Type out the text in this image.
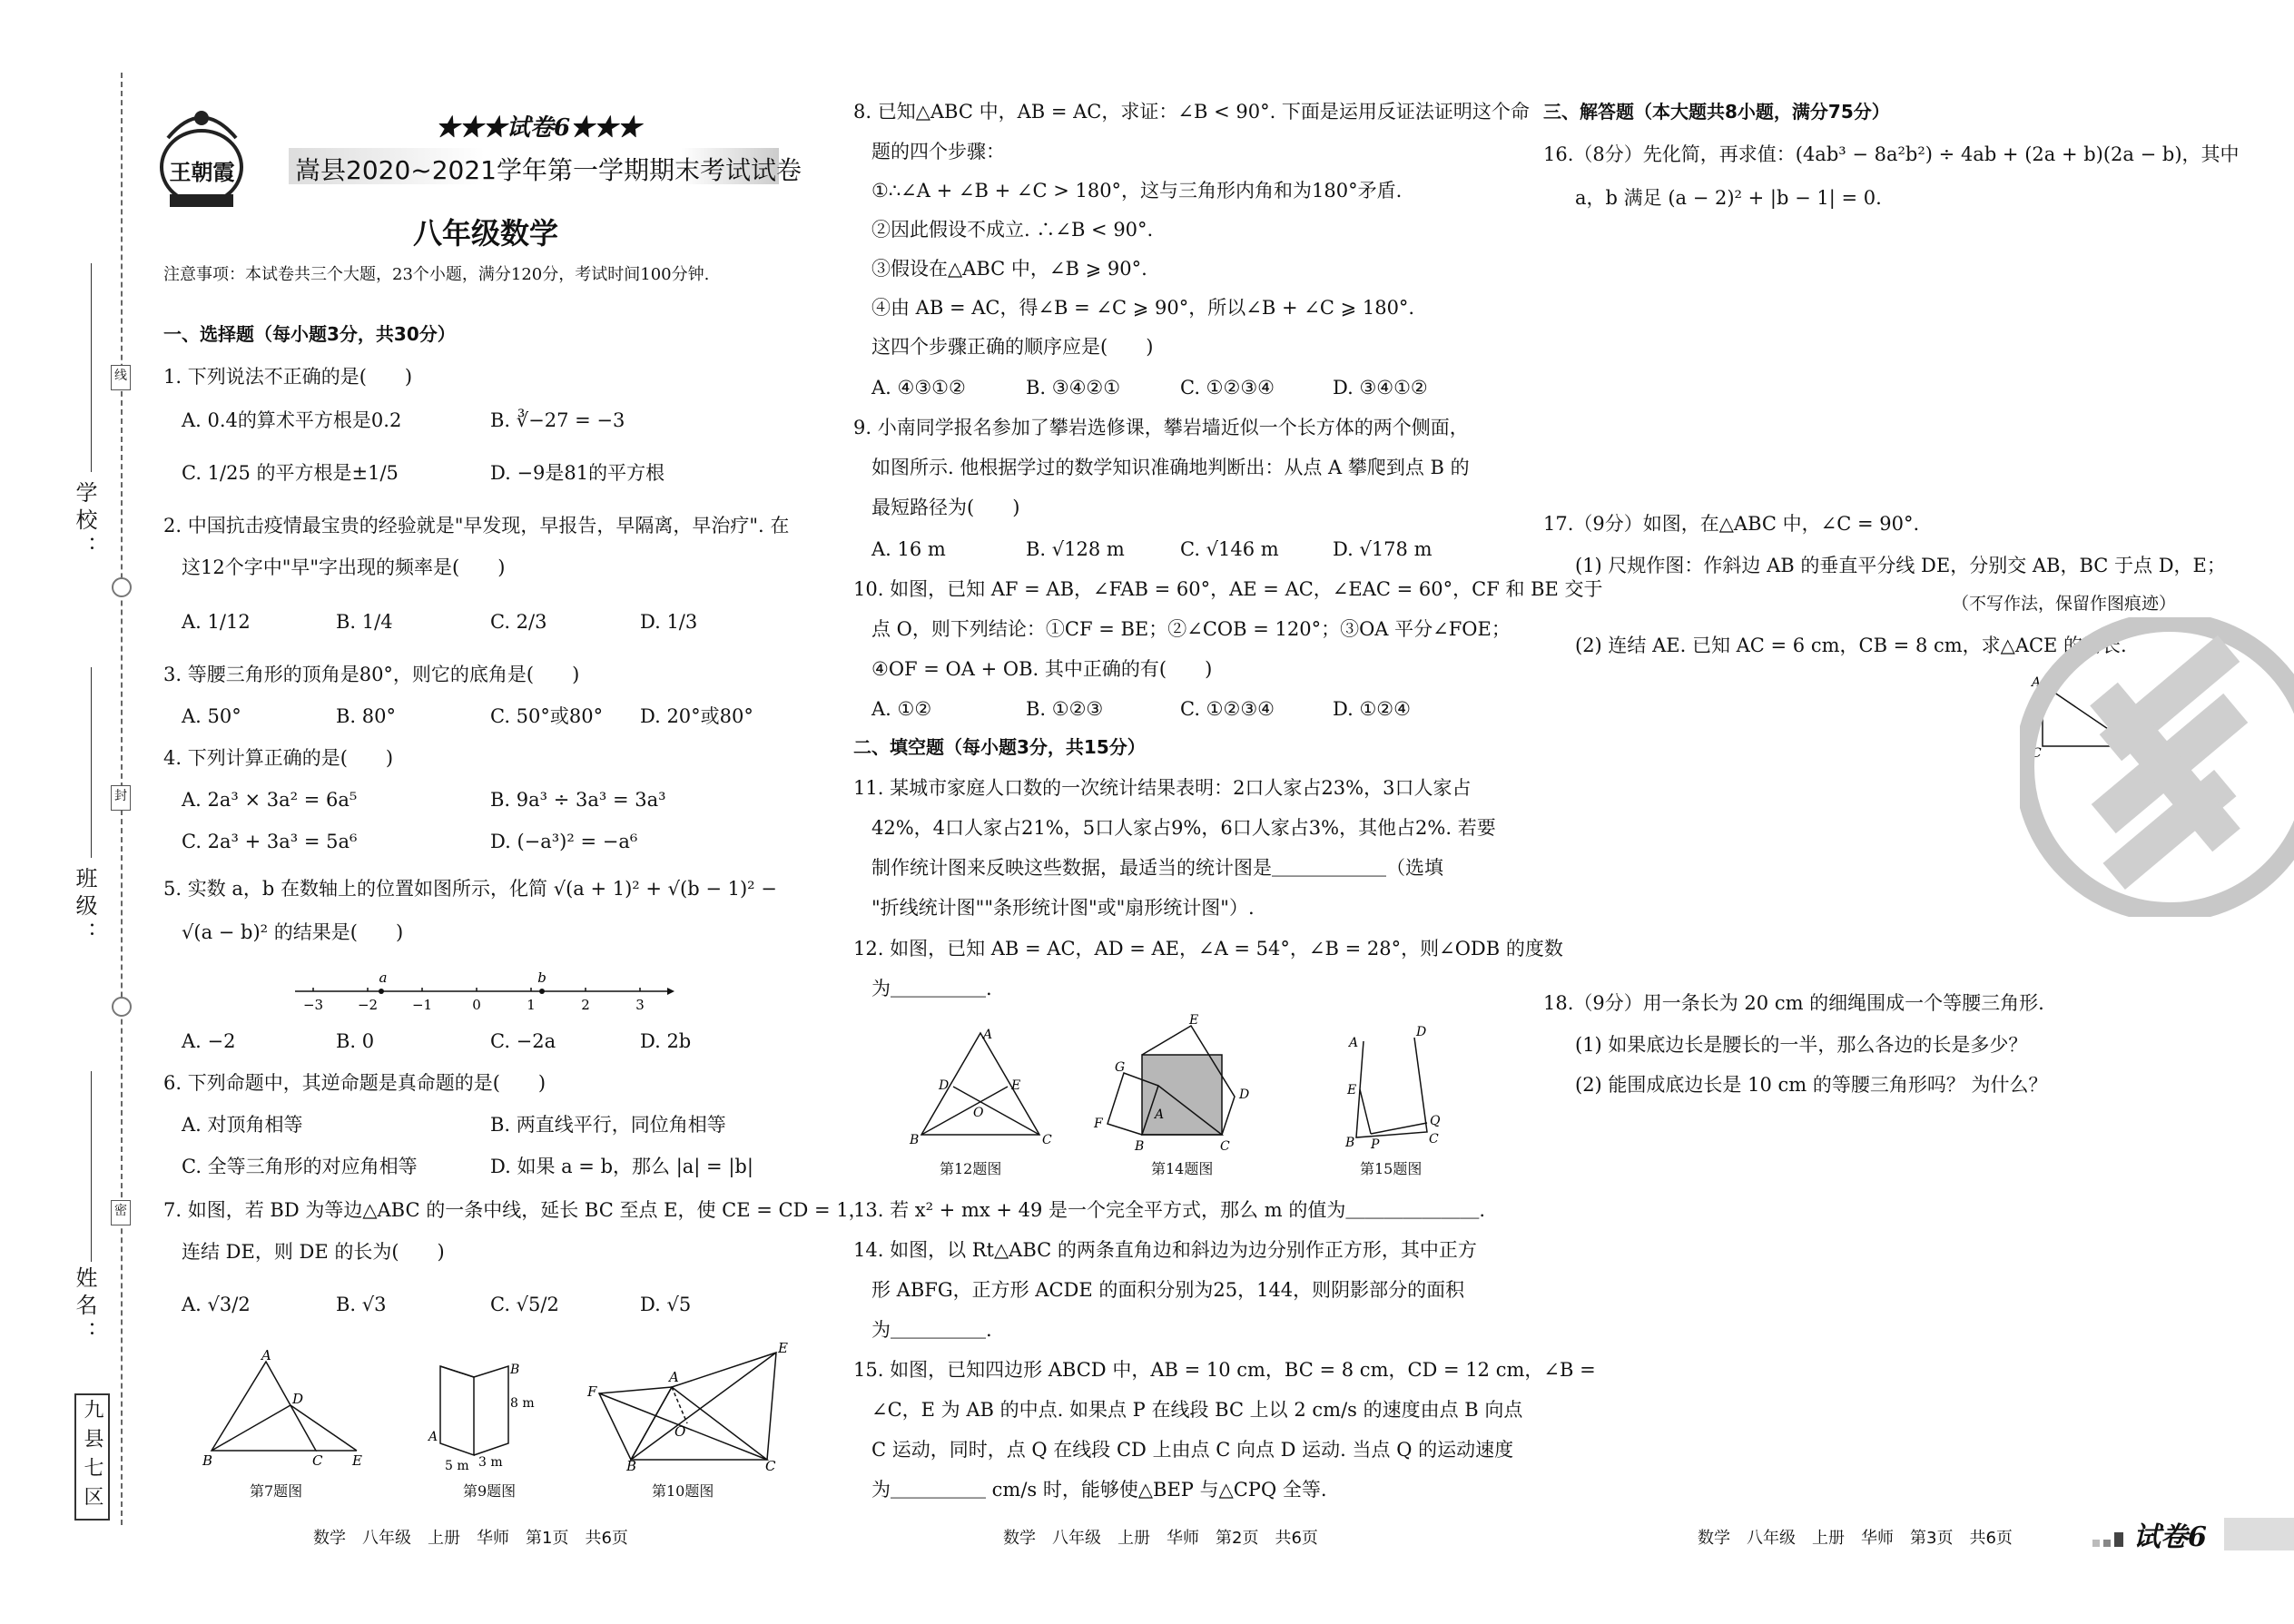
学校：
班级：
姓名：
线
封
密
九县七区
王朝霞
★★★试卷6★★★
嵩县2020~2021学年第一学期期末考试试卷
八年级数学
注意事项：本试卷共三个大题，23个小题，满分120分，考试时间100分钟.
一、选择题（每小题3分，共30分）
1. 下列说法不正确的是(　　)
A. 0.4的算术平方根是0.2	B. ∛−27 = −3
C. 1/25 的平方根是±1/5	D. −9是81的平方根
2. 中国抗击疫情最宝贵的经验就是"早发现，早报告，早隔离，早治疗". 在
这12个字中"早"字出现的频率是(　　)
A. 1/12	B. 1/4	C. 2/3	D. 1/3
3. 等腰三角形的顶角是80°，则它的底角是(　　)
A. 50°	B. 80°	C. 50°或80° D. 20°或80°
4. 下列计算正确的是(　　)
A. 2a³ × 3a² = 6a⁵	B. 9a³ ÷ 3a³ = 3a³
C. 2a³ + 3a³ = 5a⁶	D. (−a³)² = −a⁶
5. 实数 a，b 在数轴上的位置如图所示，化简 √(a + 1)² + √(b − 1)² −
√(a − b)² 的结果是(　　)
−3	−2	−1	0	1	2	3
a	b
A. −2	B. 0	C. −2a	D. 2b
6. 下列命题中，其逆命题是真命题的是(　　)
A. 对顶角相等	B. 两直线平行，同位角相等
C. 全等三角形的对应角相等	D. 如果 a = b，那么 |a| = |b|
7. 如图，若 BD 为等边△ABC 的一条中线，延长 BC 至点 E，使 CE = CD = 1，
连结 DE，则 DE 的长为(　　)
A. √3/2	B. √3	C. √5/2	D. √5
A
B	C
D
E
第7题图
B
A
8 m
5 m 3 m
第9题图
A
B	C
E
F
O
第10题图
数学　八年级　上册　华师　第1页　共6页
8. 已知△ABC 中，AB = AC，求证：∠B < 90°. 下面是运用反证法证明这个命
题的四个步骤：
①∴∠A + ∠B + ∠C > 180°，这与三角形内角和为180°矛盾.
②因此假设不成立. ∴∠B < 90°.
③假设在△ABC 中，∠B ⩾ 90°.
④由 AB = AC，得∠B = ∠C ⩾ 90°，所以∠B + ∠C ⩾ 180°.
这四个步骤正确的顺序应是(　　)
A. ④③①②	B. ③④②①	C. ①②③④	D. ③④①②
9. 小南同学报名参加了攀岩选修课，攀岩墙近似一个长方体的两个侧面，
如图所示. 他根据学过的数学知识准确地判断出：从点 A 攀爬到点 B 的
最短路径为(　　)
A. 16 m	B. √128 m	C. √146 m	D. √178 m
10. 如图，已知 AF = AB，∠FAB = 60°，AE = AC，∠EAC = 60°，CF 和 BE 交于
点 O，则下列结论：①CF = BE；②∠COB = 120°；③OA 平分∠FOE；
④OF = OA + OB. 其中正确的有(　　)
A. ①②	B. ①②③	C. ①②③④	D. ①②④
二、填空题（每小题3分，共15分）
11. 某城市家庭人口数的一次统计结果表明：2口人家占23%，3口人家占
42%，4口人家占21%，5口人家占9%，6口人家占3%，其他占2%. 若要
制作统计图来反映这些数据，最适当的统计图是＿＿＿＿＿＿（选填
"折线统计图""条形统计图"或"扇形统计图"）.
12. 如图，已知 AB = AC，AD = AE，∠A = 54°，∠B = 28°，则∠ODB 的度数
为＿＿＿＿＿.
A
B	C
D	E
O
第12题图
E
D
G
F
A
B	C
第14题图
A
D
E
B P	C
Q
第15题图
13. 若 x² + mx + 49 是一个完全平方式，那么 m 的值为＿＿＿＿＿＿＿.
14. 如图，以 Rt△ABC 的两条直角边和斜边为边分别作正方形，其中正方
形 ABFG，正方形 ACDE 的面积分别为25，144，则阴影部分的面积
为＿＿＿＿＿.
15. 如图，已知四边形 ABCD 中，AB = 10 cm，BC = 8 cm，CD = 12 cm，∠B =
∠C，E 为 AB 的中点. 如果点 P 在线段 BC 上以 2 cm/s 的速度由点 B 向点
C 运动，同时，点 Q 在线段 CD 上由点 C 向点 D 运动. 当点 Q 的运动速度
为＿＿＿＿＿ cm/s 时，能够使△BEP 与△CPQ 全等.
数学　八年级　上册　华师　第2页　共6页
三、解答题（本大题共8小题，满分75分）
16.（8分）先化简，再求值：(4ab³ − 8a²b²) ÷ 4ab + (2a + b)(2a − b)，其中
a，b 满足 (a − 2)² + |b − 1| = 0.
17.（9分）如图，在△ABC 中，∠C = 90°.
(1) 尺规作图：作斜边 AB 的垂直平分线 DE，分别交 AB，BC 于点 D，E；
（不写作法，保留作图痕迹）
(2) 连结 AE. 已知 AC = 6 cm，CB = 8 cm，求△ACE 的周长.
A
C
18.（9分）用一条长为 20 cm 的细绳围成一个等腰三角形.
(1) 如果底边长是腰长的一半，那么各边的长是多少？
(2) 能围成底边长是 10 cm 的等腰三角形吗？ 为什么？
数学　八年级　上册　华师　第3页　共6页	试卷6
